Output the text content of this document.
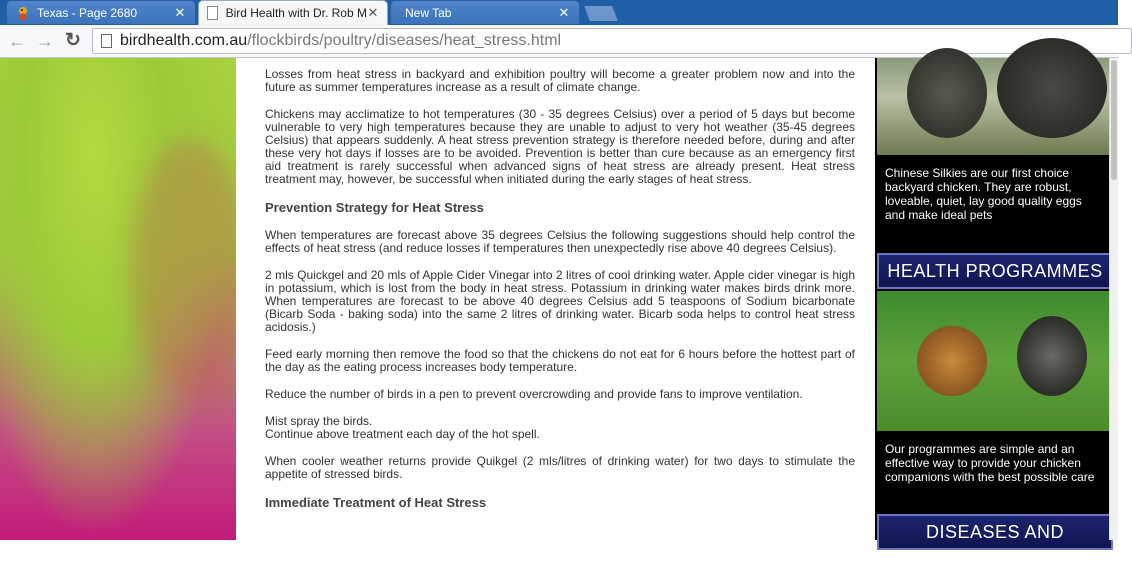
Texas - Page 2680	✕	Bird Health with Dr. Rob M ✕	New Tab	✕
← → ↻ birdhealth.com.au/flockbirds/poultry/diseases/heat_stress.html

Losses from heat stress in backyard and exhibition poultry will become a greater problem now and into the future as summer temperatures increase as a result of climate change.

Chickens may acclimatize to hot temperatures (30 - 35 degrees Celsius) over a period of 5 days but become vulnerable to very high temperatures because they are unable to adjust to very hot weather (35-45 degrees Celsius) that appears suddenly. A heat stress prevention strategy is therefore needed before, during and after these very hot days if losses are to be avoided. Prevention is better than cure because as an emergency first aid treatment is rarely successful when advanced signs of heat stress are already present. Heat stress treatment may, however, be successful when initiated during the early stages of heat stress.

Prevention Strategy for Heat Stress

When temperatures are forecast above 35 degrees Celsius the following suggestions should help control the effects of heat stress (and reduce losses if temperatures then unexpectedly rise above 40 degrees Celsius).

2 mls Quickgel and 20 mls of Apple Cider Vinegar into 2 litres of cool drinking water. Apple cider vinegar is high in potassium, which is lost from the body in heat stress. Potassium in drinking water makes birds drink more. When temperatures are forecast to be above 40 degrees Celsius add 5 teaspoons of Sodium bicarbonate (Bicarb Soda - baking soda) into the same 2 litres of drinking water. Bicarb soda helps to control heat stress acidosis.)

Feed early morning then remove the food so that the chickens do not eat for 6 hours before the hottest part of the day as the eating process increases body temperature.

Reduce the number of birds in a pen to prevent overcrowding and provide fans to improve ventilation.

Mist spray the birds.
Continue above treatment each day of the hot spell.

When cooler weather returns provide Quikgel (2 mls/litres of drinking water) for two days to stimulate the appetite of stressed birds.

Immediate Treatment of Heat Stress
Chinese Silkies are our first choice backyard chicken. They are robust, loveable, quiet, lay good quality eggs and make ideal pets
HEALTH PROGRAMMES
Our programmes are simple and an effective way to provide your chicken companions with the best possible care
DISEASES AND REMEDIES
